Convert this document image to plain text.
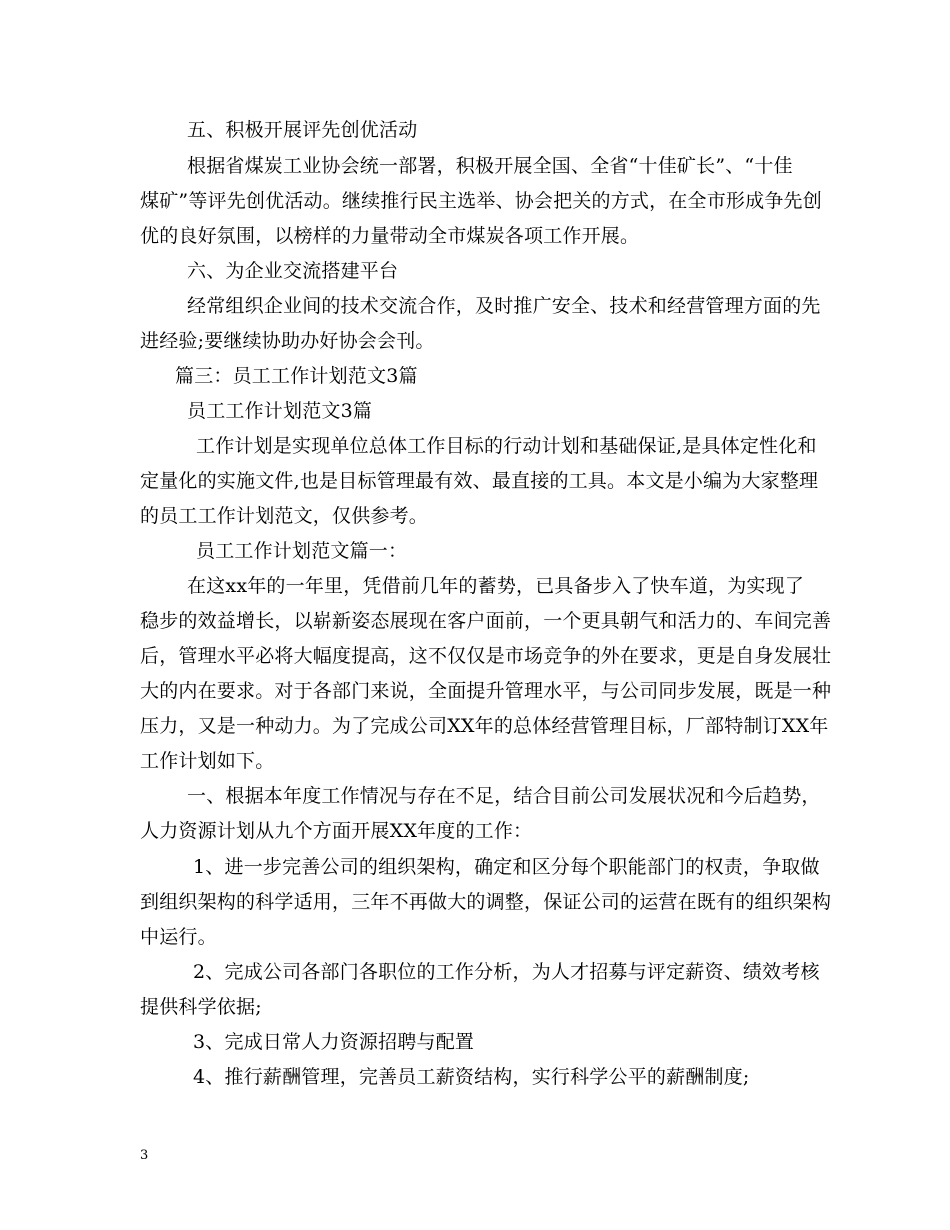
五、积极开展评先创优活动
根据省煤炭工业协会统一部署，积极开展全国、全省“十佳矿长”、“十佳
煤矿”等评先创优活动。继续推行民主选举、协会把关的方式，在全市形成争先创
优的良好氛围，以榜样的力量带动全市煤炭各项工作开展。
六、为企业交流搭建平台
经常组织企业间的技术交流合作，及时推广安全、技术和经营管理方面的先
进经验;要继续协助办好协会会刊。
篇三：员工工作计划范文3篇
员工工作计划范文3篇
工作计划是实现单位总体工作目标的行动计划和基础保证,是具体定性化和
定量化的实施文件,也是目标管理最有效、最直接的工具。本文是小编为大家整理
的员工工作计划范文，仅供参考。
员工工作计划范文篇一：
在这xx年的一年里，凭借前几年的蓄势，已具备步入了快车道，为实现了
稳步的效益增长，以崭新姿态展现在客户面前，一个更具朝气和活力的、车间完善
后，管理水平必将大幅度提高，这不仅仅是市场竞争的外在要求，更是自身发展壮
大的内在要求。对于各部门来说，全面提升管理水平，与公司同步发展，既是一种
压力，又是一种动力。为了完成公司XX年的总体经营管理目标，厂部特制订XX年
工作计划如下。
一、根据本年度工作情况与存在不足，结合目前公司发展状况和今后趋势，
人力资源计划从九个方面开展XX年度的工作：
1、进一步完善公司的组织架构，确定和区分每个职能部门的权责，争取做
到组织架构的科学适用，三年不再做大的调整，保证公司的运营在既有的组织架构
中运行。
2、完成公司各部门各职位的工作分析，为人才招募与评定薪资、绩效考核
提供科学依据;
3、完成日常人力资源招聘与配置
4、推行薪酬管理，完善员工薪资结构，实行科学公平的薪酬制度;
3
